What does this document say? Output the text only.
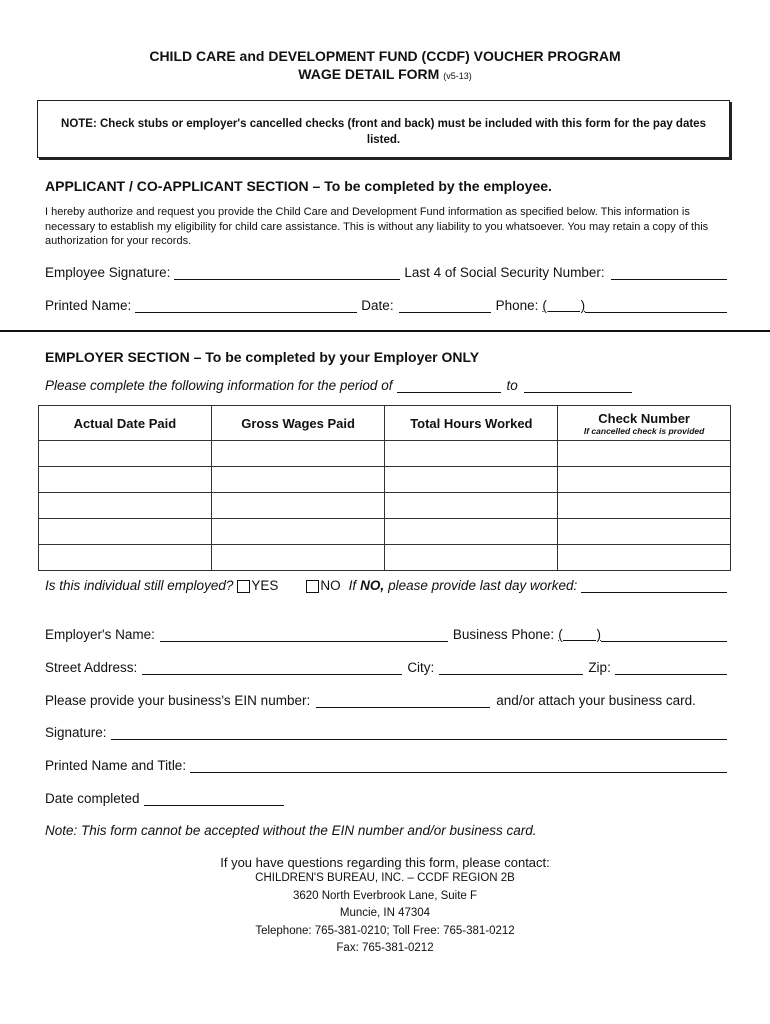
CHILD CARE and DEVELOPMENT FUND (CCDF) VOUCHER PROGRAM
WAGE DETAIL FORM (v5-13)
NOTE: Check stubs or employer's cancelled checks (front and back) must be included with this form for the pay dates listed.
APPLICANT / CO-APPLICANT SECTION – To be completed by the employee.
I hereby authorize and request you provide the Child Care and Development Fund information as specified below. This information is necessary to establish my eligibility for child care assistance. This is without any liability to you whatsoever. You may retain a copy of this authorization for your records.
Employee Signature:	Last 4 of Social Security Number:
Printed Name:	Date:	Phone: (         )
EMPLOYER SECTION – To be completed by your Employer ONLY
Please complete the following information for the period of	to
Actual Date Paid	Gross Wages Paid	Total Hours Worked	Check Number
If cancelled check is provided

Is this individual still employed? YES	NO If NO, please provide last day worked:
Employer's Name:	Business Phone: (         )
Street Address:	City:	Zip:
Please provide your business's EIN number:	and/or attach your business card.
Signature:
Printed Name and Title:
Date completed
Note: This form cannot be accepted without the EIN number and/or business card.
If you have questions regarding this form, please contact:
CHILDREN'S BUREAU, INC. – CCDF REGION 2B
3620 North Everbrook Lane, Suite F
Muncie, IN 47304
Telephone: 765-381-0210; Toll Free: 765-381-0212
Fax: 765-381-0212
